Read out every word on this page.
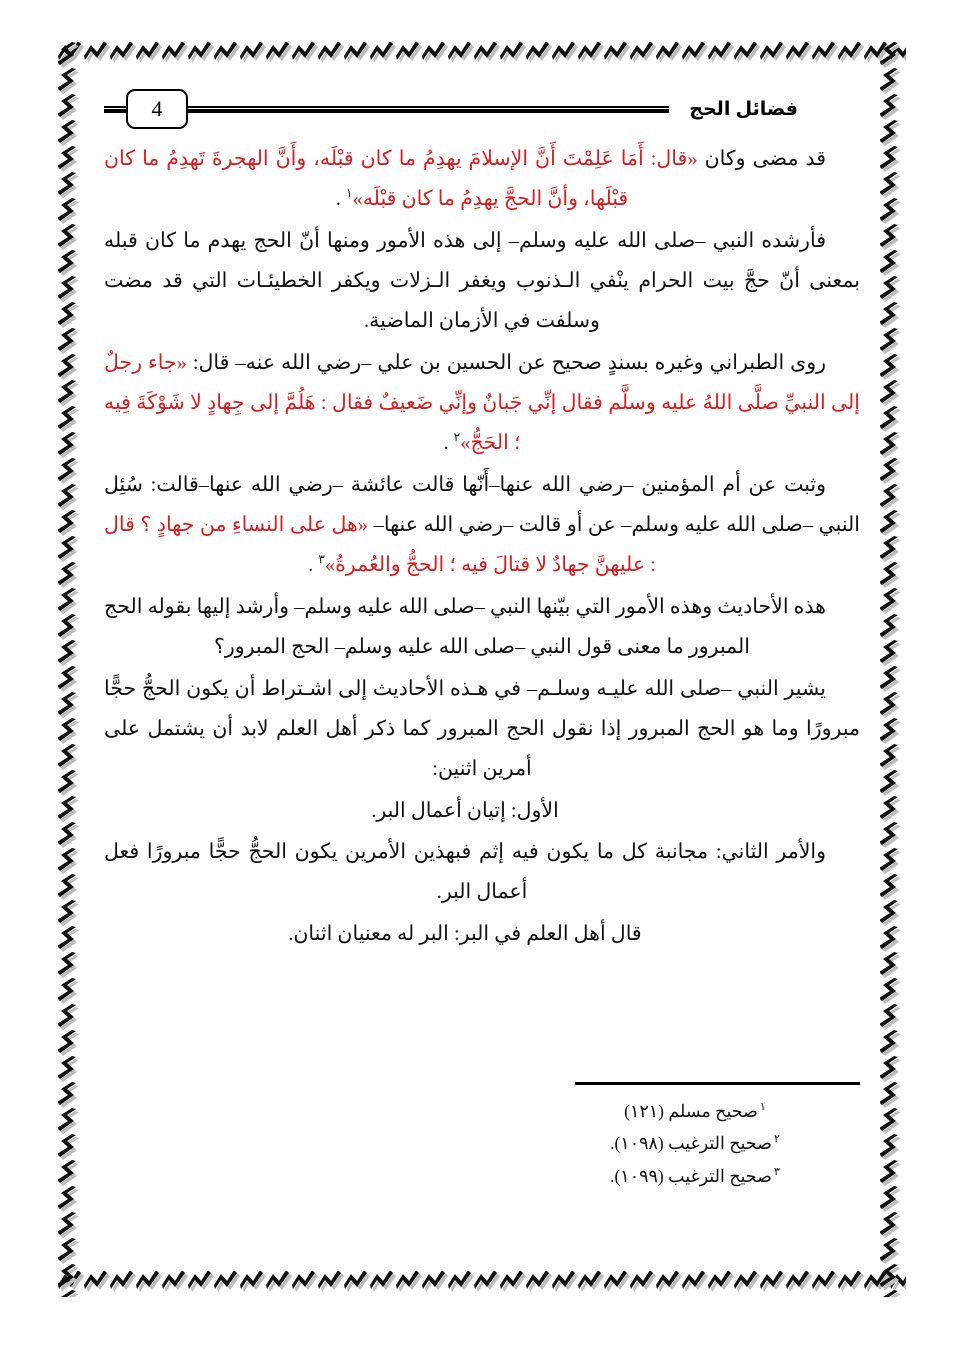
فضائل الحج
4

قد مضى وكان «قال: أَمَا عَلِمْتَ أَنَّ الإسلامَ يهدِمُ ما كان قبْلَه، وأَنَّ الهجرةَ تَهدِمُ ما كان قبْلَها، وأنَّ الحجَّ يهدِمُ ما كان قبْلَه»$^١$ .

فأرشده النبي –صلى الله عليه وسلم– إلى هذه الأمور ومنها أنّ الحج يهدم ما كان قبله بمعنى أنّ حجَّ بيت الحرام ينْفي الـذنوب ويغفر الـزلات ويكفر الخطيئـات التي قد مضت وسلفت في الأزمان الماضية.

روى الطبراني وغيره بسندٍ صحيح عن الحسين بن علي –رضي الله عنه– قال: «جاء رجلٌ إلى النبيِّ صلَّى اللهُ عليه وسلَّم فقال إنِّي جَبانٌ وإنِّي ضَعيفٌ فقال : هَلُمَّ إلى جِهادٍ لا شَوْكَةَ فِيه ؛ الحَجُّ»$^٢$ .

وثبت عن أم المؤمنين –رضي الله عنها–أَنّها قالت عائشة –رضي الله عنها–قالت: سُئِل النبي –صلى الله عليه وسلم– عن أو قالت –رضي الله عنها– «هل على النساءِ من جهادٍ ؟ قال : عليهنَّ جهادٌ لا قتالَ فيه ؛ الحجُّ والعُمرةُ»$^٣$ .

هذه الأحاديث وهذه الأمور التي بيّنها النبي –صلى الله عليه وسلم– وأرشد إليها بقوله الحج المبرور ما معنى قول النبي –صلى الله عليه وسلم– الحج المبرور؟

يشير النبي –صلى الله عليـه وسلـم– في هـذه الأحاديث إلى اشـتراط أن يكون الحجُّ حجًّا مبرورًا وما هو الحج المبرور إذا نقول الحج المبرور كما ذكر أهل العلم لابد أن يشتمل على أمرين اثنين:

الأول: إتيان أعمال البر.

والأمر الثاني: مجانبة كل ما يكون فيه إثم فبهذين الأمرين يكون الحجُّ حجًّا مبرورًا فعل أعمال البر.

قال أهل العلم في البر: البر له معنيان اثنان.

$^١$صحيح مسلم (١٢١)
$^٢$صحيح الترغيب (١٠٩٨).
$^٣$صحيح الترغيب (١٠٩٩).
